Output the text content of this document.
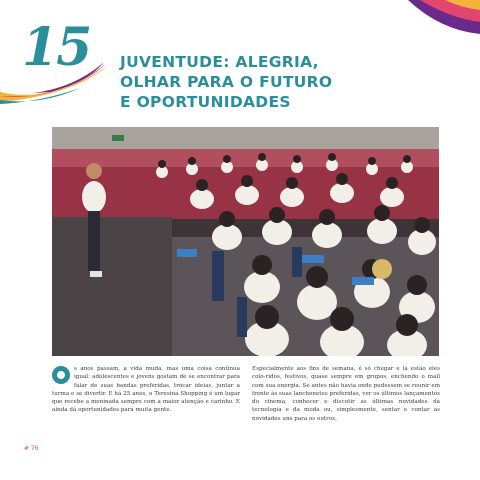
15 JUVENTUDE: ALEGRIA,
OLHAR PARA O FUTURO
E OPORTUNIDADES
s anos passam, a vida muda, mas uma coisa continua igual: adolescentes e jovens gostam de se encontrar para falar de suas bandas preferidas, trocar ideias, juntar a turma e se divertir. E há 25 anos, o Teresina Shopping é um lugar que recebe a meninada sempre com a maior atenção e carinho. E ainda dá oportunidades para muita gente.
Especialmente aos fins de semana, é só chegar e lá estão eles colo-ridos, festivos, quase sempre em grupos, enchendo o mall com sua energia. Se antes não havia onde pudessem se reunir em frente às suas lanchonetes preferidas, ver os últimos lançamentos do cinema, conhecer e discutir as últimas novidades da tecnologia e da moda ou, simplesmente, sentar e contar as novidades uns para os outros,
# 76
